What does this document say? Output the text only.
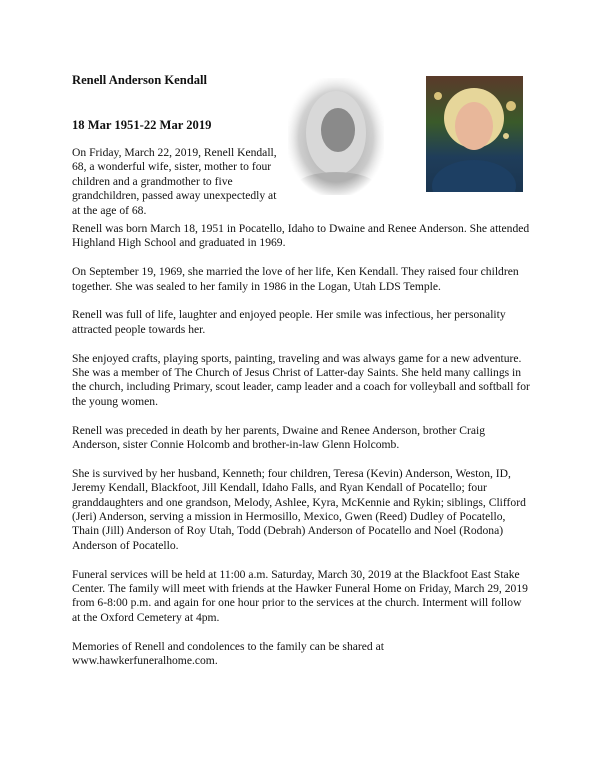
Renell Anderson Kendall
18 Mar 1951-22 Mar 2019

On Friday, March 22, 2019, Renell Kendall, 68, a wonderful wife, sister, mother to four children and a grandmother to five grandchildren, passed away unexpectedly at at the age of 68.

Renell was born March 18, 1951 in Pocatello, Idaho to Dwaine and Renee Anderson. She attended Highland High School and graduated in 1969.

On September 19, 1969, she married the love of her life, Ken Kendall. They raised four children together. She was sealed to her family in 1986 in the Logan, Utah LDS Temple.

Renell was full of life, laughter and enjoyed people. Her smile was infectious, her personality attracted people towards her.

She enjoyed crafts, playing sports, painting, traveling and was always game for a new adventure. She was a member of The Church of Jesus Christ of Latter-day Saints. She held many callings in the church, including Primary, scout leader, camp leader and a coach for volleyball and softball for the young women.

Renell was preceded in death by her parents, Dwaine and Renee Anderson, brother Craig Anderson, sister Connie Holcomb and brother-in-law Glenn Holcomb.

She is survived by her husband, Kenneth; four children, Teresa (Kevin) Anderson, Weston, ID, Jeremy Kendall, Blackfoot, Jill Kendall, Idaho Falls, and Ryan Kendall of Pocatello; four granddaughters and one grandson, Melody, Ashlee, Kyra, McKennie and Rykin; siblings, Clifford (Jeri) Anderson, serving a mission in Hermosillo, Mexico, Gwen (Reed) Dudley of Pocatello, Thain (Jill) Anderson of Roy Utah, Todd (Debrah) Anderson of Pocatello and Noel (Rodona) Anderson of Pocatello.

Funeral services will be held at 11:00 a.m. Saturday, March 30, 2019 at the Blackfoot East Stake Center. The family will meet with friends at the Hawker Funeral Home on Friday, March 29, 2019 from 6-8:00 p.m. and again for one hour prior to the services at the church. Interment will follow at the Oxford Cemetery at 4pm.

Memories of Renell and condolences to the family can be shared at www.hawkerfuneralhome.com.
